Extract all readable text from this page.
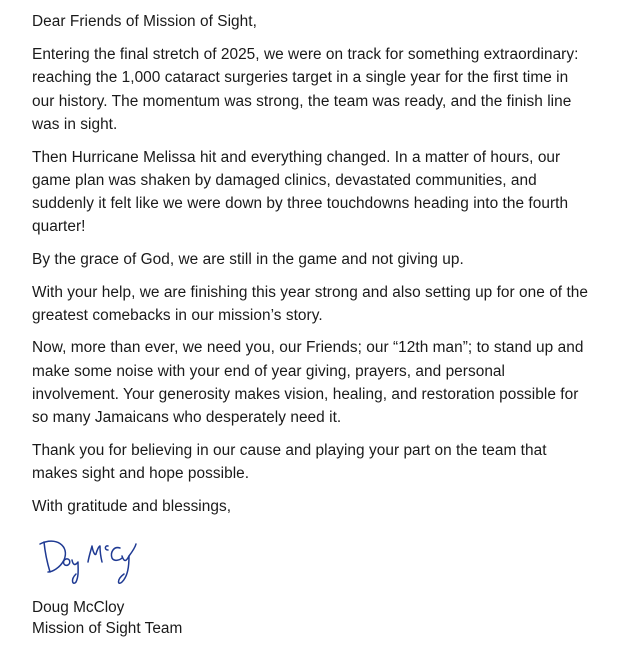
Dear Friends of Mission of Sight,

Entering the final stretch of 2025, we were on track for something extraordinary: reaching the 1,000 cataract surgeries target in a single year for the first time in our history. The momentum was strong, the team was ready, and the finish line was in sight.

Then Hurricane Melissa hit and everything changed. In a matter of hours, our game plan was shaken by damaged clinics, devastated communities, and suddenly it felt like we were down by three touchdowns heading into the fourth quarter!

By the grace of God, we are still in the game and not giving up.

With your help, we are finishing this year strong and also setting up for one of the greatest comebacks in our mission’s story.

Now, more than ever, we need you, our Friends; our “12th man”; to stand up and make some noise with your end of year giving, prayers, and personal involvement. Your generosity makes vision, healing, and restoration possible for so many Jamaicans who desperately need it.

Thank you for believing in our cause and playing your part on the team that makes sight and hope possible.

With gratitude and blessings,

Doug McCloy
Mission of Sight Team
